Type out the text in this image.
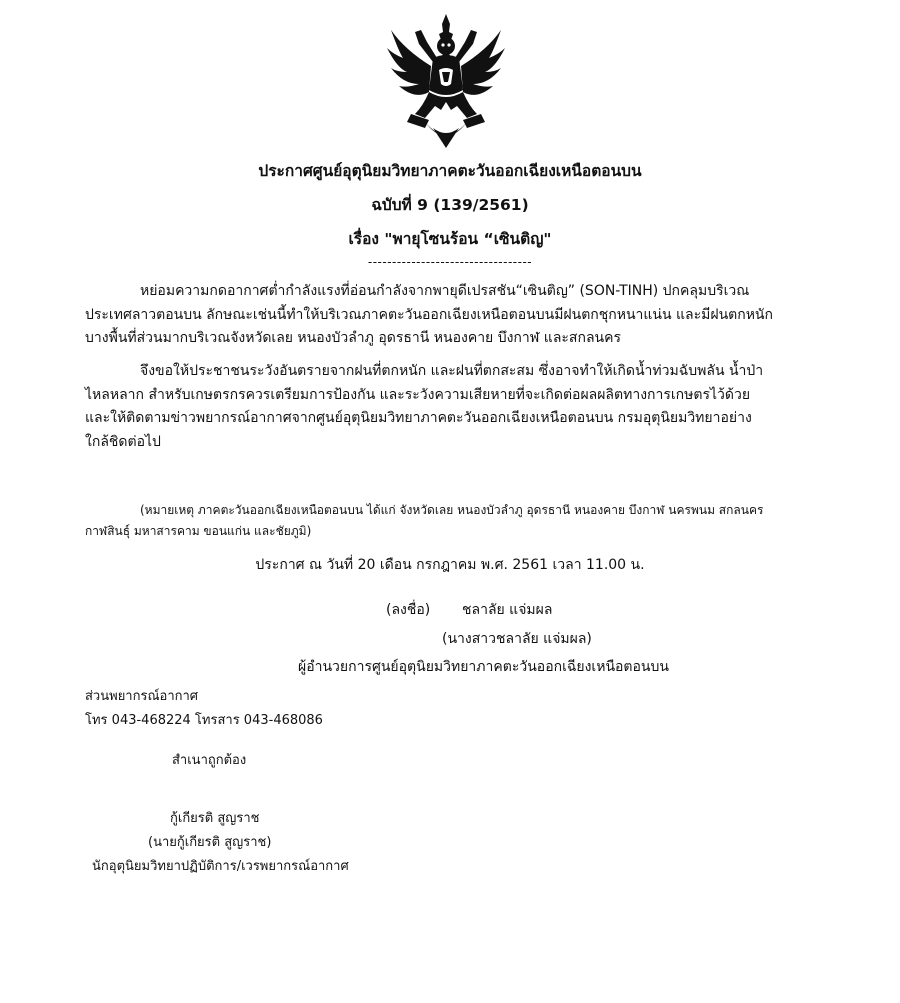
ประกาศศูนย์อุตุนิยมวิทยาภาคตะวันออกเฉียงเหนือตอนบน
ฉบับที่ 9 (139/2561)
เรื่อง "พายุโซนร้อน “เซินติญ"
----------------------------------
หย่อมความกดอากาศต่ำกำลังแรงที่อ่อนกำลังจากพายุดีเปรสชัน“เซินติญ” (SON-TINH) ปกคลุมบริเวณ
ประเทศลาวตอนบน ลักษณะเช่นนี้ทำให้บริเวณภาคตะวันออกเฉียงเหนือตอนบนมีฝนตกชุกหนาแน่น และมีฝนตกหนัก
บางพื้นที่ส่วนมากบริเวณจังหวัดเลย หนองบัวลำภู อุดรธานี หนองคาย บึงกาฬ และสกลนคร
จึงขอให้ประชาชนระวังอันตรายจากฝนที่ตกหนัก และฝนที่ตกสะสม ซึ่งอาจทำให้เกิดน้ำท่วมฉับพลัน น้ำป่า
ไหลหลาก สำหรับเกษตรกรควรเตรียมการป้องกัน และระวังความเสียหายที่จะเกิดต่อผลผลิตทางการเกษตรไว้ด้วย
และให้ติดตามข่าวพยากรณ์อากาศจากศูนย์อุตุนิยมวิทยาภาคตะวันออกเฉียงเหนือตอนบน กรมอุตุนิยมวิทยาอย่าง
ใกล้ชิดต่อไป
(หมายเหตุ ภาคตะวันออกเฉียงเหนือตอนบน ได้แก่ จังหวัดเลย หนองบัวลำภู อุดรธานี หนองคาย บึงกาฬ นครพนม สกลนคร
กาฬสินธุ์ มหาสารคาม ขอนแก่น และชัยภูมิ)
ประกาศ ณ วันที่ 20 เดือน กรกฎาคม พ.ศ. 2561 เวลา 11.00 น.
(ลงชื่อ) ชลาลัย แจ่มผล
(นางสาวชลาลัย แจ่มผล)
ผู้อำนวยการศูนย์อุตุนิยมวิทยาภาคตะวันออกเฉียงเหนือตอนบน
ส่วนพยากรณ์อากาศ
โทร 043-468224 โทรสาร 043-468086
สำเนาถูกต้อง
กู้เกียรติ สูญราช
(นายกู้เกียรติ สูญราช)
นักอุตุนิยมวิทยาปฏิบัติการ/เวรพยากรณ์อากาศ
